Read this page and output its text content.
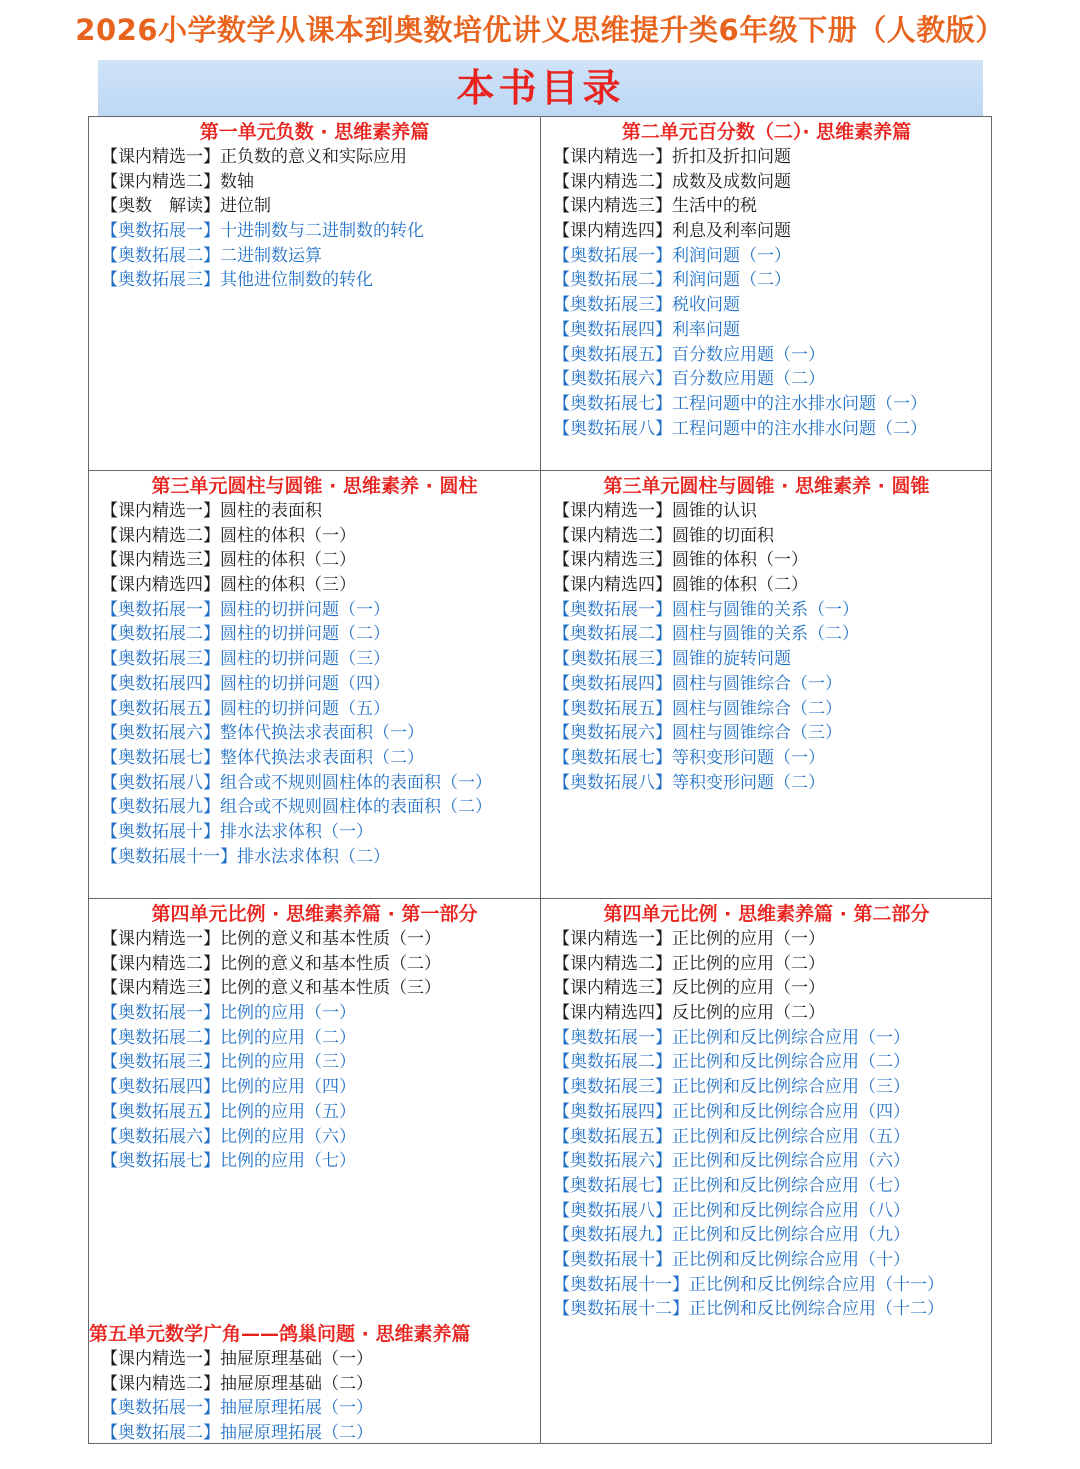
2026小学数学从课本到奥数培优讲义思维提升类6年级下册（人教版）
本书目录
第一单元负数 · 思维素养篇
【课内精选一】正负数的意义和实际应用
【课内精选二】数轴
【奥数　解读】进位制
【奥数拓展一】十进制数与二进制数的转化
【奥数拓展二】二进制数运算
【奥数拓展三】其他进位制数的转化
第二单元百分数（二）· 思维素养篇
【课内精选一】折扣及折扣问题
【课内精选二】成数及成数问题
【课内精选三】生活中的税
【课内精选四】利息及利率问题
【奥数拓展一】利润问题（一）
【奥数拓展二】利润问题（二）
【奥数拓展三】税收问题
【奥数拓展四】利率问题
【奥数拓展五】百分数应用题（一）
【奥数拓展六】百分数应用题（二）
【奥数拓展七】工程问题中的注水排水问题（一）
【奥数拓展八】工程问题中的注水排水问题（二）
第三单元圆柱与圆锥 · 思维素养 · 圆柱
【课内精选一】圆柱的表面积
【课内精选二】圆柱的体积（一）
【课内精选三】圆柱的体积（二）
【课内精选四】圆柱的体积（三）
【奥数拓展一】圆柱的切拼问题（一）
【奥数拓展二】圆柱的切拼问题（二）
【奥数拓展三】圆柱的切拼问题（三）
【奥数拓展四】圆柱的切拼问题（四）
【奥数拓展五】圆柱的切拼问题（五）
【奥数拓展六】整体代换法求表面积（一）
【奥数拓展七】整体代换法求表面积（二）
【奥数拓展八】组合或不规则圆柱体的表面积（一）
【奥数拓展九】组合或不规则圆柱体的表面积（二）
【奥数拓展十】排水法求体积（一）
【奥数拓展十一】排水法求体积（二）
第三单元圆柱与圆锥 · 思维素养 · 圆锥
【课内精选一】圆锥的认识
【课内精选二】圆锥的切面积
【课内精选三】圆锥的体积（一）
【课内精选四】圆锥的体积（二）
【奥数拓展一】圆柱与圆锥的关系（一）
【奥数拓展二】圆柱与圆锥的关系（二）
【奥数拓展三】圆锥的旋转问题
【奥数拓展四】圆柱与圆锥综合（一）
【奥数拓展五】圆柱与圆锥综合（二）
【奥数拓展六】圆柱与圆锥综合（三）
【奥数拓展七】等积变形问题（一）
【奥数拓展八】等积变形问题（二）
第四单元比例 · 思维素养篇 · 第一部分
【课内精选一】比例的意义和基本性质（一）
【课内精选二】比例的意义和基本性质（二）
【课内精选三】比例的意义和基本性质（三）
【奥数拓展一】比例的应用（一）
【奥数拓展二】比例的应用（二）
【奥数拓展三】比例的应用（三）
【奥数拓展四】比例的应用（四）
【奥数拓展五】比例的应用（五）
【奥数拓展六】比例的应用（六）
【奥数拓展七】比例的应用（七）
第四单元比例 · 思维素养篇 · 第二部分
【课内精选一】正比例的应用（一）
【课内精选二】正比例的应用（二）
【课内精选三】反比例的应用（一）
【课内精选四】反比例的应用（二）
【奥数拓展一】正比例和反比例综合应用（一）
【奥数拓展二】正比例和反比例综合应用（二）
【奥数拓展三】正比例和反比例综合应用（三）
【奥数拓展四】正比例和反比例综合应用（四）
【奥数拓展五】正比例和反比例综合应用（五）
【奥数拓展六】正比例和反比例综合应用（六）
【奥数拓展七】正比例和反比例综合应用（七）
【奥数拓展八】正比例和反比例综合应用（八）
【奥数拓展九】正比例和反比例综合应用（九）
【奥数拓展十】正比例和反比例综合应用（十）
【奥数拓展十一】正比例和反比例综合应用（十一）
【奥数拓展十二】正比例和反比例综合应用（十二）
第五单元数学广角——鸽巢问题 · 思维素养篇
【课内精选一】抽屉原理基础（一）
【课内精选二】抽屉原理基础（二）
【奥数拓展一】抽屉原理拓展（一）
【奥数拓展二】抽屉原理拓展（二）
